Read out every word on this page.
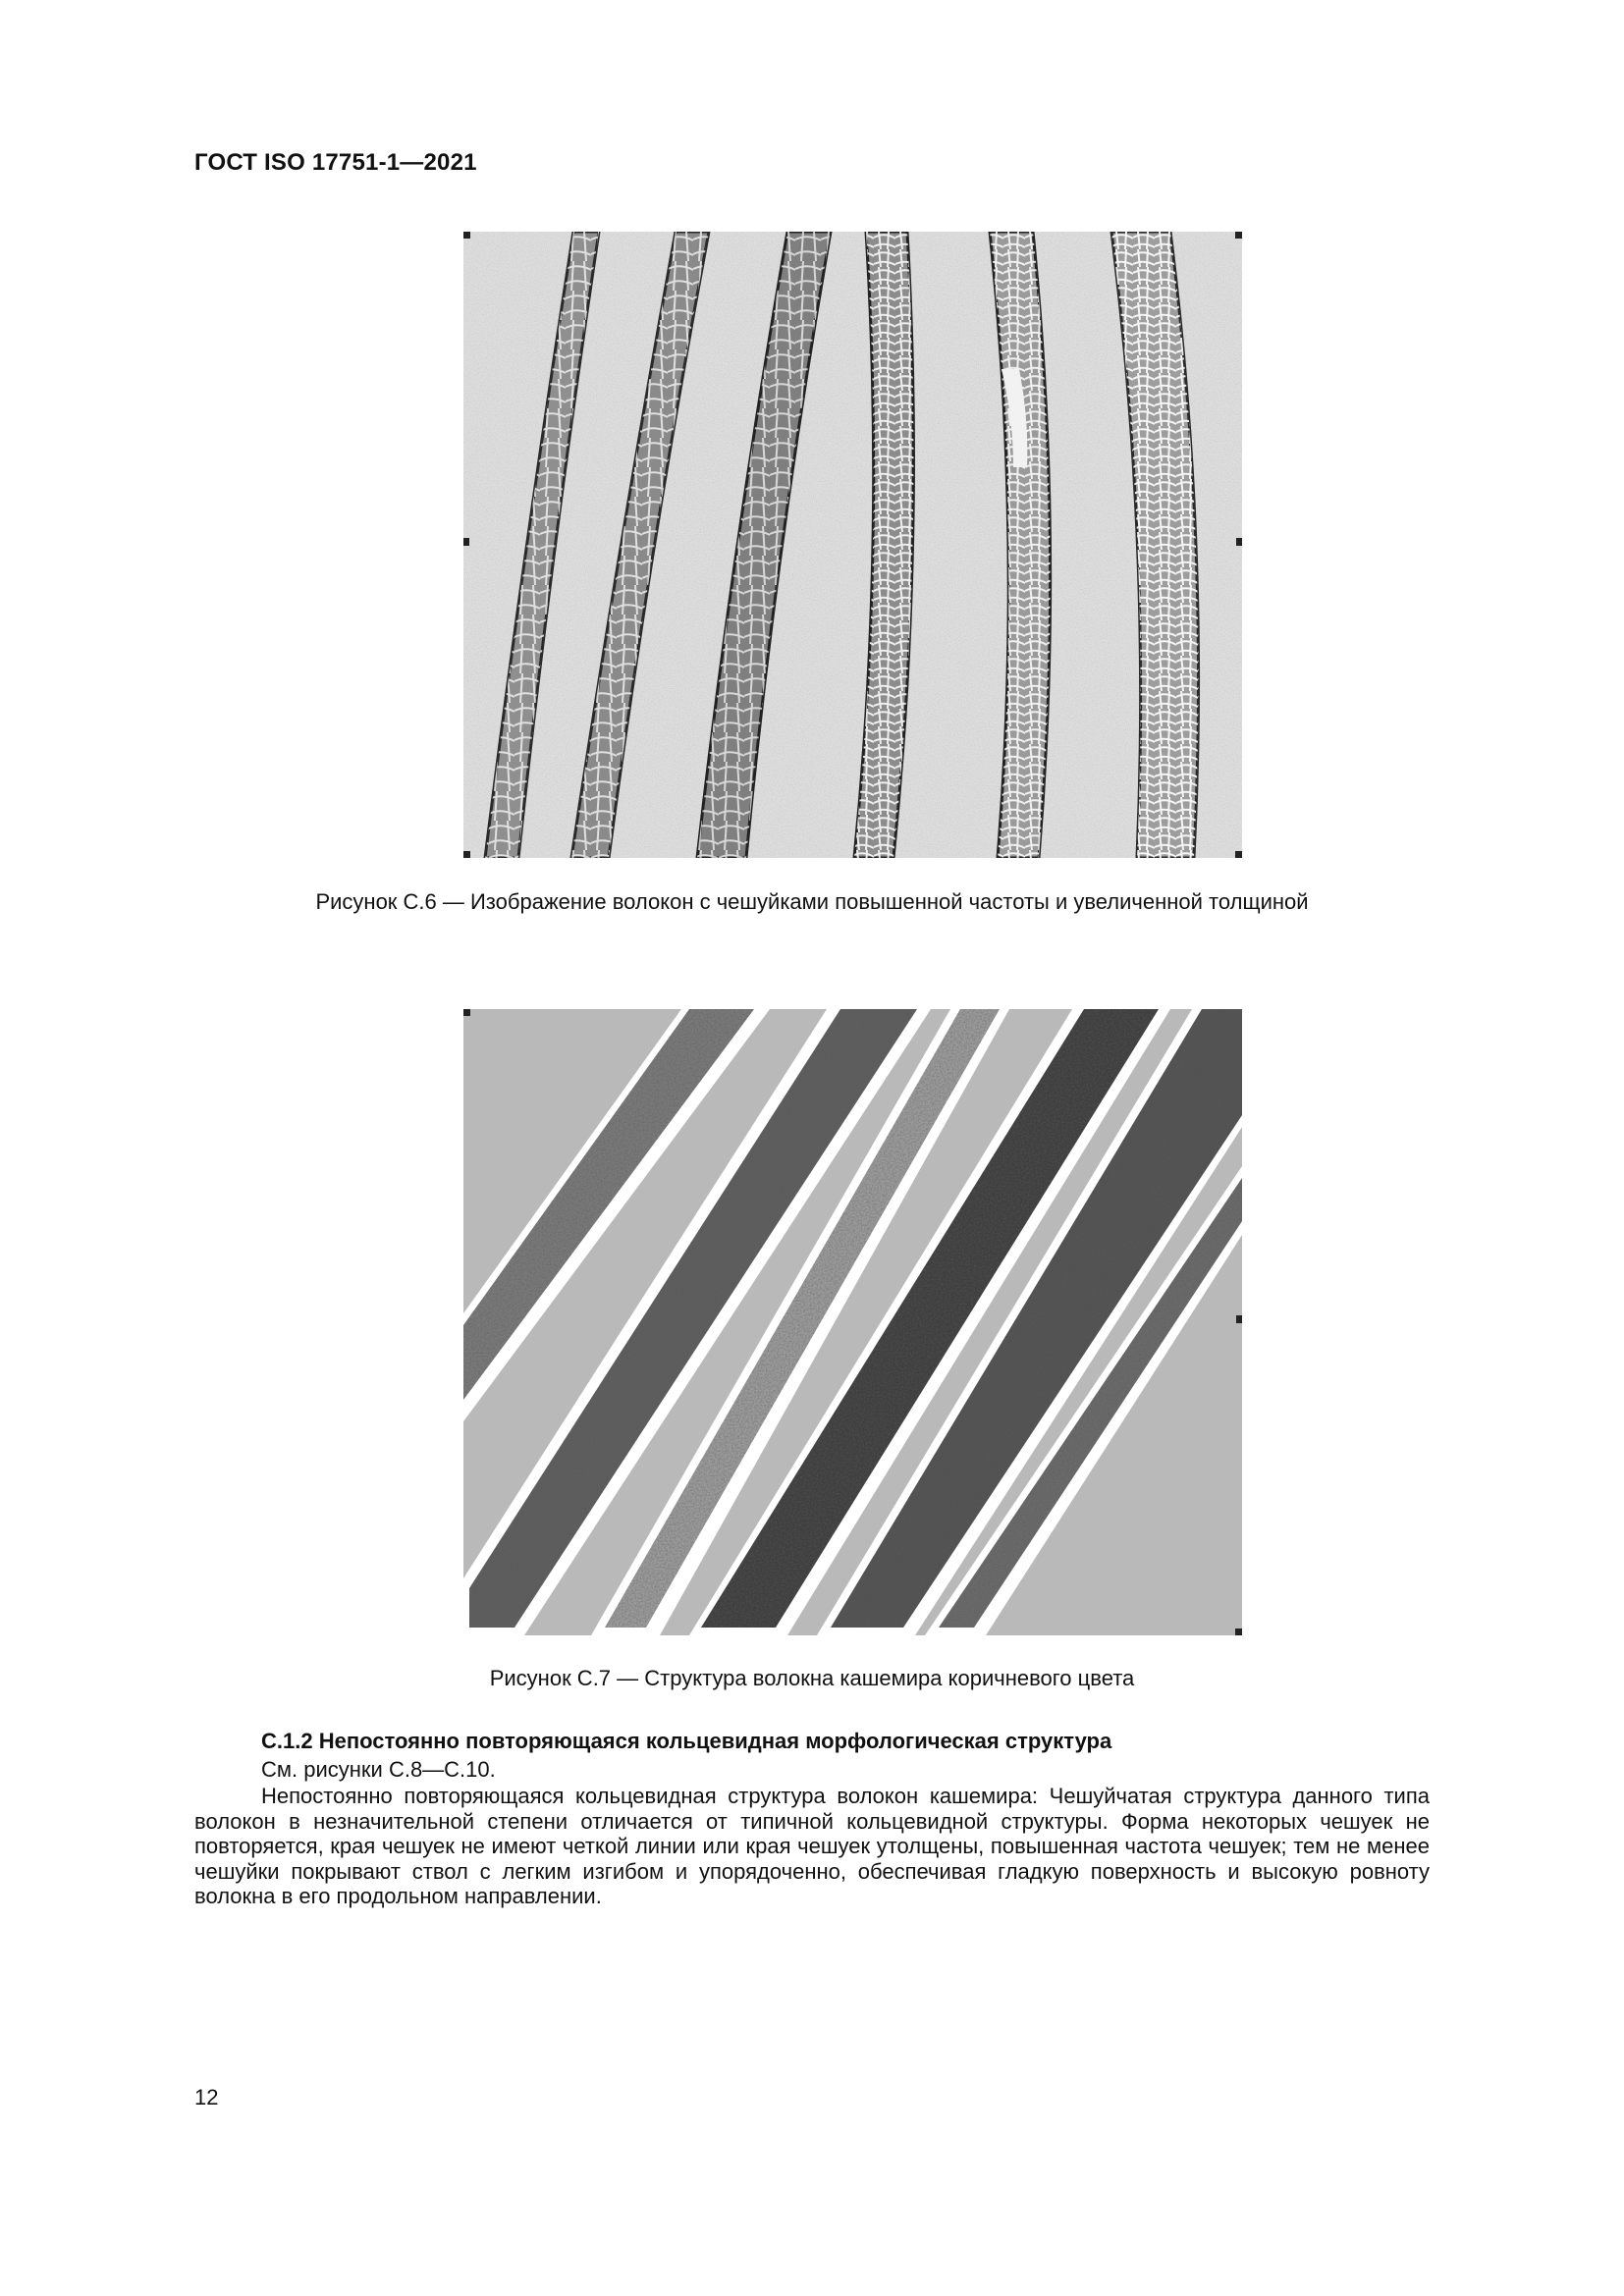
ГОСТ ISO 17751-1—2021
Рисунок С.6 — Изображение волокон с чешуйками повышенной частоты и увеличенной толщиной
Рисунок С.7 — Структура волокна кашемира коричневого цвета
С.1.2 Непостоянно повторяющаяся кольцевидная морфологическая структура
См. рисунки С.8—С.10.
Непостоянно повторяющаяся кольцевидная структура волокон кашемира: Чешуйчатая структура данного типа волокон в незначительной степени отличается от типичной кольцевидной структуры. Форма некоторых чешуек не повторяется, края чешуек не имеют четкой линии или края чешуек утолщены, повышенная частота чешуек; тем не менее чешуйки покрывают ствол с легким изгибом и упорядоченно, обеспечивая гладкую поверхность и высокую ровноту волокна в его продольном направлении.
12
